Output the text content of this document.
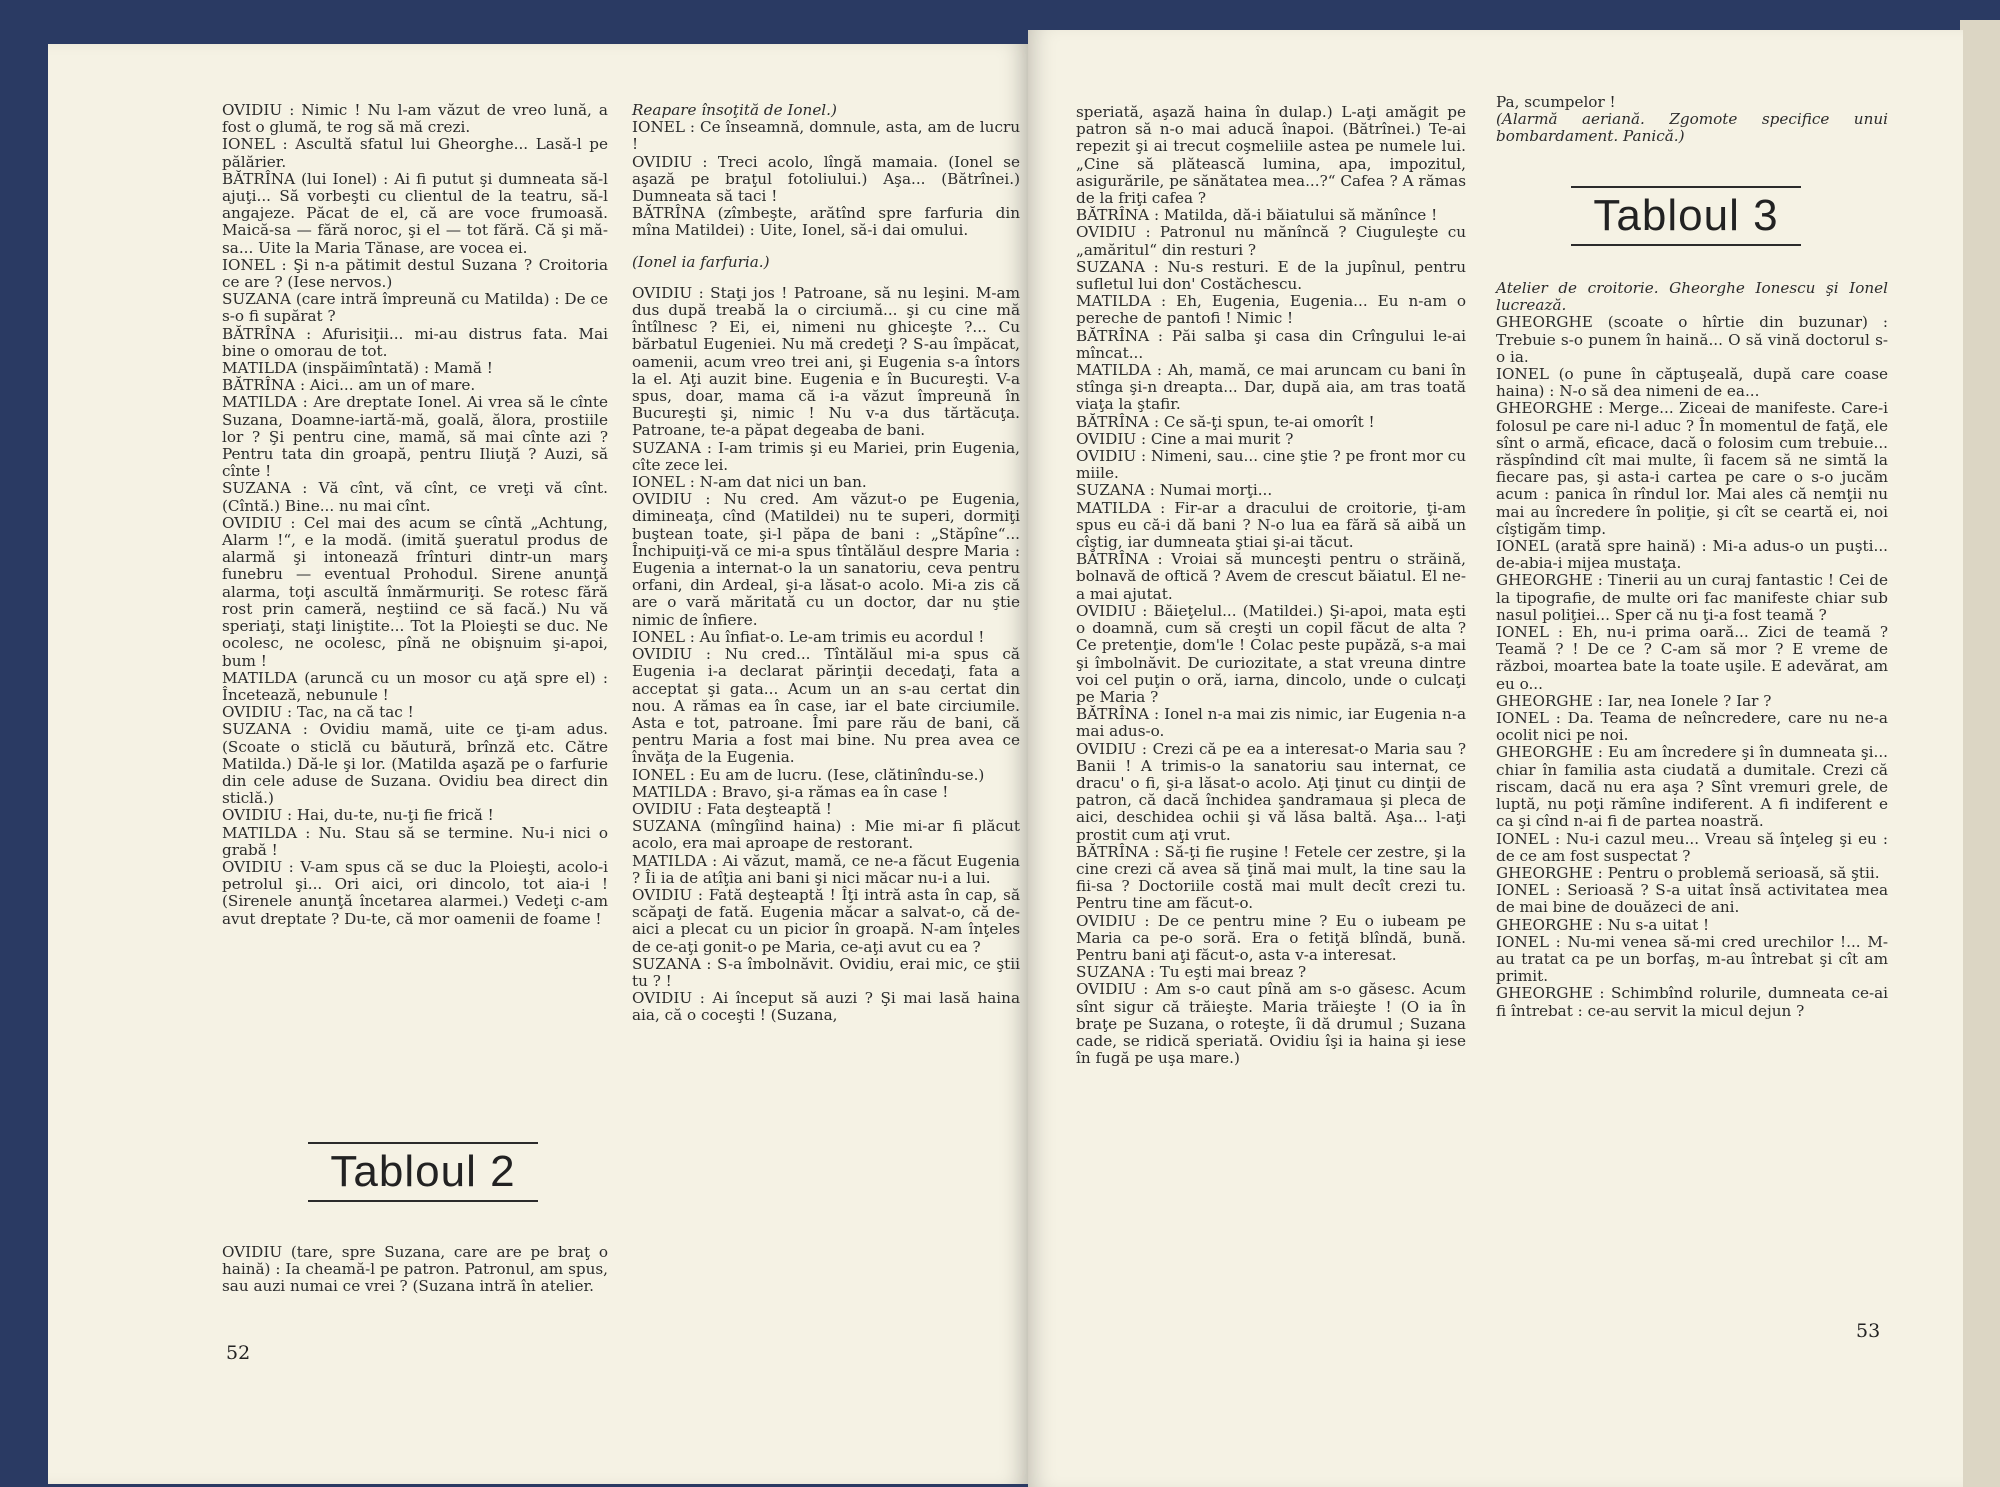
OVIDIU : Nimic ! Nu l-am văzut de vreo lună, a fost o glumă, te rog să mă crezi.

IONEL : Ascultă sfatul lui Gheorghe... Lasă-l pe pălărier.

BĂTRÎNA (lui Ionel) : Ai fi putut şi dumneata să-l ajuţi... Să vorbeşti cu clientul de la teatru, să-l angajeze. Păcat de el, că are voce frumoasă. Maică-sa — fără noroc, şi el — tot fără. Că şi mă-sa... Uite la Maria Tănase, are vocea ei.

IONEL : Şi n-a pătimit destul Suzana ? Croitoria ce are ? (Iese nervos.)

SUZANA (care intră împreună cu Matilda) : De ce s-o fi supărat ?

BĂTRÎNA : Afurisiţii... mi-au distrus fata. Mai bine o omorau de tot.

MATILDA (inspăimîntată) : Mamă !

BĂTRÎNA : Aici... am un of mare.

MATILDA : Are dreptate Ionel. Ai vrea să le cînte Suzana, Doamne-iartă-mă, goală, ălora, prostiile lor ? Şi pentru cine, mamă, să mai cînte azi ? Pentru tata din groapă, pentru Iliuţă ? Auzi, să cînte !

SUZANA : Vă cînt, vă cînt, ce vreţi vă cînt. (Cîntă.) Bine... nu mai cînt.

OVIDIU : Cel mai des acum se cîntă „Achtung, Alarm !“, e la modă. (imită şueratul produs de alarmă şi intonează frînturi dintr-un marş funebru — eventual Prohodul. Sirene anunţă alarma, toţi ascultă înmărmuriţi. Se rotesc fără rost prin cameră, neştiind ce să facă.) Nu vă speriaţi, staţi liniştite... Tot la Ploieşti se duc. Ne ocolesc, ne ocolesc, pînă ne obişnuim şi-apoi, bum !

MATILDA (aruncă cu un mosor cu aţă spre el) : Încetează, nebunule !

OVIDIU : Tac, na că tac !

SUZANA : Ovidiu mamă, uite ce ţi-am adus. (Scoate o sticlă cu băutură, brînză etc. Către Matilda.) Dă-le şi lor. (Matilda aşază pe o farfurie din cele aduse de Suzana. Ovidiu bea direct din sticlă.)

OVIDIU : Hai, du-te, nu-ţi fie frică !

MATILDA : Nu. Stau să se termine. Nu-i nici o grabă !

OVIDIU : V-am spus că se duc la Ploieşti, acolo-i petrolul şi... Ori aici, ori dincolo, tot aia-i ! (Sirenele anunţă încetarea alarmei.) Vedeţi c-am avut dreptate ? Du-te, că mor oamenii de foame !

Tabloul 2

OVIDIU (tare, spre Suzana, care are pe braţ o haină) : Ia cheamă-l pe patron. Patronul, am spus, sau auzi numai ce vrei ? (Suzana intră în atelier.

Reapare însoţită de Ionel.)

IONEL : Ce înseamnă, domnule, asta, am de lucru !

OVIDIU : Treci acolo, lîngă mamaia. (Ionel se aşază pe braţul fotoliului.) Aşa... (Bătrînei.) Dumneata să taci !

BĂTRÎNA (zîmbeşte, arătînd spre farfuria din mîna Matildei) : Uite, Ionel, să-i dai omului.

(Ionel ia farfuria.)

OVIDIU : Staţi jos ! Patroane, să nu leşini. M-am dus după treabă la o circiumă... şi cu cine mă întîlnesc ? Ei, ei, nimeni nu ghiceşte ?... Cu bărbatul Eugeniei. Nu mă credeţi ? S-au împăcat, oamenii, acum vreo trei ani, şi Eugenia s-a întors la el. Aţi auzit bine. Eugenia e în Bucureşti. V-a spus, doar, mama că i-a văzut împreună în Bucureşti şi, nimic ! Nu v-a dus tărtăcuţa. Patroane, te-a păpat degeaba de bani.

SUZANA : I-am trimis şi eu Mariei, prin Eugenia, cîte zece lei.

IONEL : N-am dat nici un ban.

OVIDIU : Nu cred. Am văzut-o pe Eugenia, dimineaţa, cînd (Matildei) nu te superi, dormiţi buştean toate, şi-l păpa de bani : „Stăpîne“... Închipuiţi-vă ce mi-a spus tîntălăul despre Maria : Eugenia a internat-o la un sanatoriu, ceva pentru orfani, din Ardeal, şi-a lăsat-o acolo. Mi-a zis că are o vară măritată cu un doctor, dar nu ştie nimic de înfiere.

IONEL : Au înfiat-o. Le-am trimis eu acordul !

OVIDIU : Nu cred... Tîntălăul mi-a spus că Eugenia i-a declarat părinţii decedaţi, fata a acceptat şi gata... Acum un an s-au certat din nou. A rămas ea în case, iar el bate circiumile. Asta e tot, patroane. Îmi pare rău de bani, că pentru Maria a fost mai bine. Nu prea avea ce învăţa de la Eugenia.

IONEL : Eu am de lucru. (Iese, clătinîndu-se.)

MATILDA : Bravo, şi-a rămas ea în case !

OVIDIU : Fata deşteaptă !

SUZANA (mîngîind haina) : Mie mi-ar fi plăcut acolo, era mai aproape de restorant.

MATILDA : Ai văzut, mamă, ce ne-a făcut Eugenia ? Îi ia de atîţia ani bani şi nici măcar nu-i a lui.

OVIDIU : Fată deşteaptă ! Îţi intră asta în cap, să scăpaţi de fată. Eugenia măcar a salvat-o, că de-aici a plecat cu un picior în groapă. N-am înţeles de ce-aţi gonit-o pe Maria, ce-aţi avut cu ea ?

SUZANA : S-a îmbolnăvit. Ovidiu, erai mic, ce ştii tu ? !

OVIDIU : Ai început să auzi ? Şi mai lasă haina aia, că o coceşti ! (Suzana,

52

speriată, aşază haina în dulap.) L-aţi amăgit pe patron să n-o mai aducă înapoi. (Bătrînei.) Te-ai repezit şi ai trecut coşmeliile astea pe numele lui. „Cine să plătească lumina, apa, impozitul, asigurările, pe sănătatea mea...?“ Cafea ? A rămas de la friţi cafea ?

BĂTRÎNA : Matilda, dă-i băiatului să mănînce !

OVIDIU : Patronul nu mănîncă ? Ciuguleşte cu „amăritul“ din resturi ?

SUZANA : Nu-s resturi. E de la jupînul, pentru sufletul lui don' Costăchescu.

MATILDA : Eh, Eugenia, Eugenia... Eu n-am o pereche de pantofi ! Nimic !

BĂTRÎNA : Păi salba şi casa din Crîngului le-ai mîncat...

MATILDA : Ah, mamă, ce mai aruncam cu bani în stînga şi-n dreapta... Dar, după aia, am tras toată viaţa la ştafir.

BĂTRÎNA : Ce să-ţi spun, te-ai omorît !

OVIDIU : Cine a mai murit ?

OVIDIU : Nimeni, sau... cine ştie ? pe front mor cu miile.

SUZANA : Numai morţi...

MATILDA : Fir-ar a dracului de croitorie, ţi-am spus eu că-i dă bani ? N-o lua ea fără să aibă un cîştig, iar dumneata ştiai şi-ai tăcut.

BĂTRÎNA : Vroiai să munceşti pentru o străină, bolnavă de oftică ? Avem de crescut băiatul. El ne-a mai ajutat.

OVIDIU : Băieţelul... (Matildei.) Şi-apoi, mata eşti o doamnă, cum să creşti un copil făcut de alta ? Ce pretenţie, dom'le ! Colac peste pupăză, s-a mai şi îmbolnăvit. De curiozitate, a stat vreuna dintre voi cel puţin o oră, iarna, dincolo, unde o culcaţi pe Maria ?

BĂTRÎNA : Ionel n-a mai zis nimic, iar Eugenia n-a mai adus-o.

OVIDIU : Crezi că pe ea a interesat-o Maria sau ? Banii ! A trimis-o la sanatoriu sau internat, ce dracu' o fi, şi-a lăsat-o acolo. Aţi ţinut cu dinţii de patron, că dacă închidea şandramaua şi pleca de aici, deschidea ochii şi vă lăsa baltă. Aşa... l-aţi prostit cum aţi vrut.

BĂTRÎNA : Să-ţi fie ruşine ! Fetele cer zestre, şi la cine crezi că avea să ţină mai mult, la tine sau la fii-sa ? Doctoriile costă mai mult decît crezi tu. Pentru tine am făcut-o.

OVIDIU : De ce pentru mine ? Eu o iubeam pe Maria ca pe-o soră. Era o fetiţă blîndă, bună. Pentru bani aţi făcut-o, asta v-a interesat.

SUZANA : Tu eşti mai breaz ?

OVIDIU : Am s-o caut pînă am s-o găsesc. Acum sînt sigur că trăieşte. Maria trăieşte ! (O ia în braţe pe Suzana, o roteşte, îi dă drumul ; Suzana cade, se ridică speriată. Ovidiu îşi ia haina şi iese în fugă pe uşa mare.)

Pa, scumpelor !

(Alarmă aeriană. Zgomote specifice unui bombardament. Panică.)

Tabloul 3

Atelier de croitorie. Gheorghe Ionescu şi Ionel lucrează.

GHEORGHE (scoate o hîrtie din buzunar) : Trebuie s-o punem în haină... O să vină doctorul s-o ia.

IONEL (o pune în căptuşeală, după care coase haina) : N-o să dea nimeni de ea...

GHEORGHE : Merge... Ziceai de manifeste. Care-i folosul pe care ni-l aduc ? În momentul de faţă, ele sînt o armă, eficace, dacă o folosim cum trebuie... răspîndind cît mai multe, îi facem să ne simtă la fiecare pas, şi asta-i cartea pe care o s-o jucăm acum : panica în rîndul lor. Mai ales că nemţii nu mai au încredere în poliţie, şi cît se ceartă ei, noi cîştigăm timp.

IONEL (arată spre haină) : Mi-a adus-o un puşti... de-abia-i mijea mustaţa.

GHEORGHE : Tinerii au un curaj fantastic ! Cei de la tipografie, de multe ori fac manifeste chiar sub nasul poliţiei... Sper că nu ţi-a fost teamă ?

IONEL : Eh, nu-i prima oară... Zici de teamă ? Teamă ? ! De ce ? C-am să mor ? E vreme de război, moartea bate la toate uşile. E adevărat, am eu o...

GHEORGHE : Iar, nea Ionele ? Iar ?

IONEL : Da. Teama de neîncredere, care nu ne-a ocolit nici pe noi.

GHEORGHE : Eu am încredere şi în dumneata şi... chiar în familia asta ciudată a dumitale. Crezi că riscam, dacă nu era aşa ? Sînt vremuri grele, de luptă, nu poţi rămîne indiferent. A fi indiferent e ca şi cînd n-ai fi de partea noastră.

IONEL : Nu-i cazul meu... Vreau să înţeleg şi eu : de ce am fost suspectat ?

GHEORGHE : Pentru o problemă serioasă, să ştii.

IONEL : Serioasă ? S-a uitat însă activitatea mea de mai bine de douăzeci de ani.

GHEORGHE : Nu s-a uitat !

IONEL : Nu-mi venea să-mi cred urechilor !... M-au tratat ca pe un borfaş, m-au întrebat şi cît am primit.

GHEORGHE : Schimbînd rolurile, dumneata ce-ai fi întrebat : ce-au servit la micul dejun ?

53
